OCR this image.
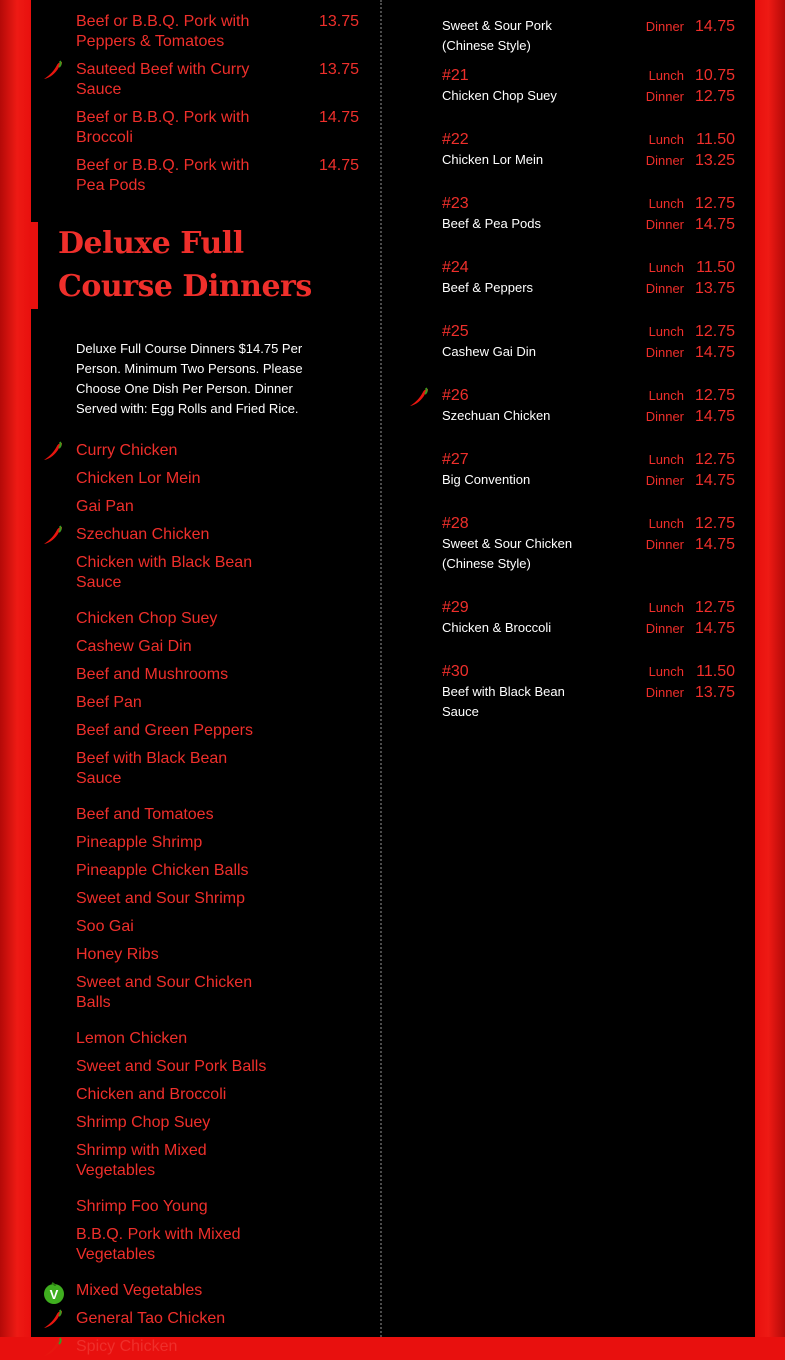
Beef or B.B.Q. Pork with Peppers & Tomatoes
13.75
Sauteed Beef with Curry Sauce
13.75
Beef or B.B.Q. Pork with Broccoli
14.75
Beef or B.B.Q. Pork with Pea Pods
14.75
Deluxe Full Course Dinners
Deluxe Full Course Dinners $14.75 Per Person. Minimum Two Persons. Please Choose One Dish Per Person. Dinner Served with: Egg Rolls and Fried Rice.
Curry Chicken
Chicken Lor Mein
Gai Pan
Szechuan Chicken
Chicken with Black Bean Sauce
Chicken Chop Suey
Cashew Gai Din
Beef and Mushrooms
Beef Pan
Beef and Green Peppers
Beef with Black Bean Sauce
Beef and Tomatoes
Pineapple Shrimp
Pineapple Chicken Balls
Sweet and Sour Shrimp
Soo Gai
Honey Ribs
Sweet and Sour Chicken Balls
Lemon Chicken
Sweet and Sour Pork Balls
Chicken and Broccoli
Shrimp Chop Suey
Shrimp with Mixed Vegetables
Shrimp Foo Young
B.B.Q. Pork with Mixed Vegetables
Mixed Vegetables
V
General Tao Chicken
Spicy Chicken
Sweet & Sour Pork (Chinese Style)
Dinner 14.75
#21
Chicken Chop Suey
Lunch 10.75
Dinner 12.75
#22
Chicken Lor Mein
Lunch 11.50
Dinner 13.25
#23
Beef & Pea Pods
Lunch 12.75
Dinner 14.75
#24
Beef & Peppers
Lunch 11.50
Dinner 13.75
#25
Cashew Gai Din
Lunch 12.75
Dinner 14.75
#26
Szechuan Chicken
Lunch 12.75
Dinner 14.75
#27
Big Convention
Lunch 12.75
Dinner 14.75
#28
Sweet & Sour Chicken (Chinese Style)
Lunch 12.75
Dinner 14.75
#29
Chicken & Broccoli
Lunch 12.75
Dinner 14.75
#30
Beef with Black Bean Sauce
Lunch 11.50
Dinner 13.75
